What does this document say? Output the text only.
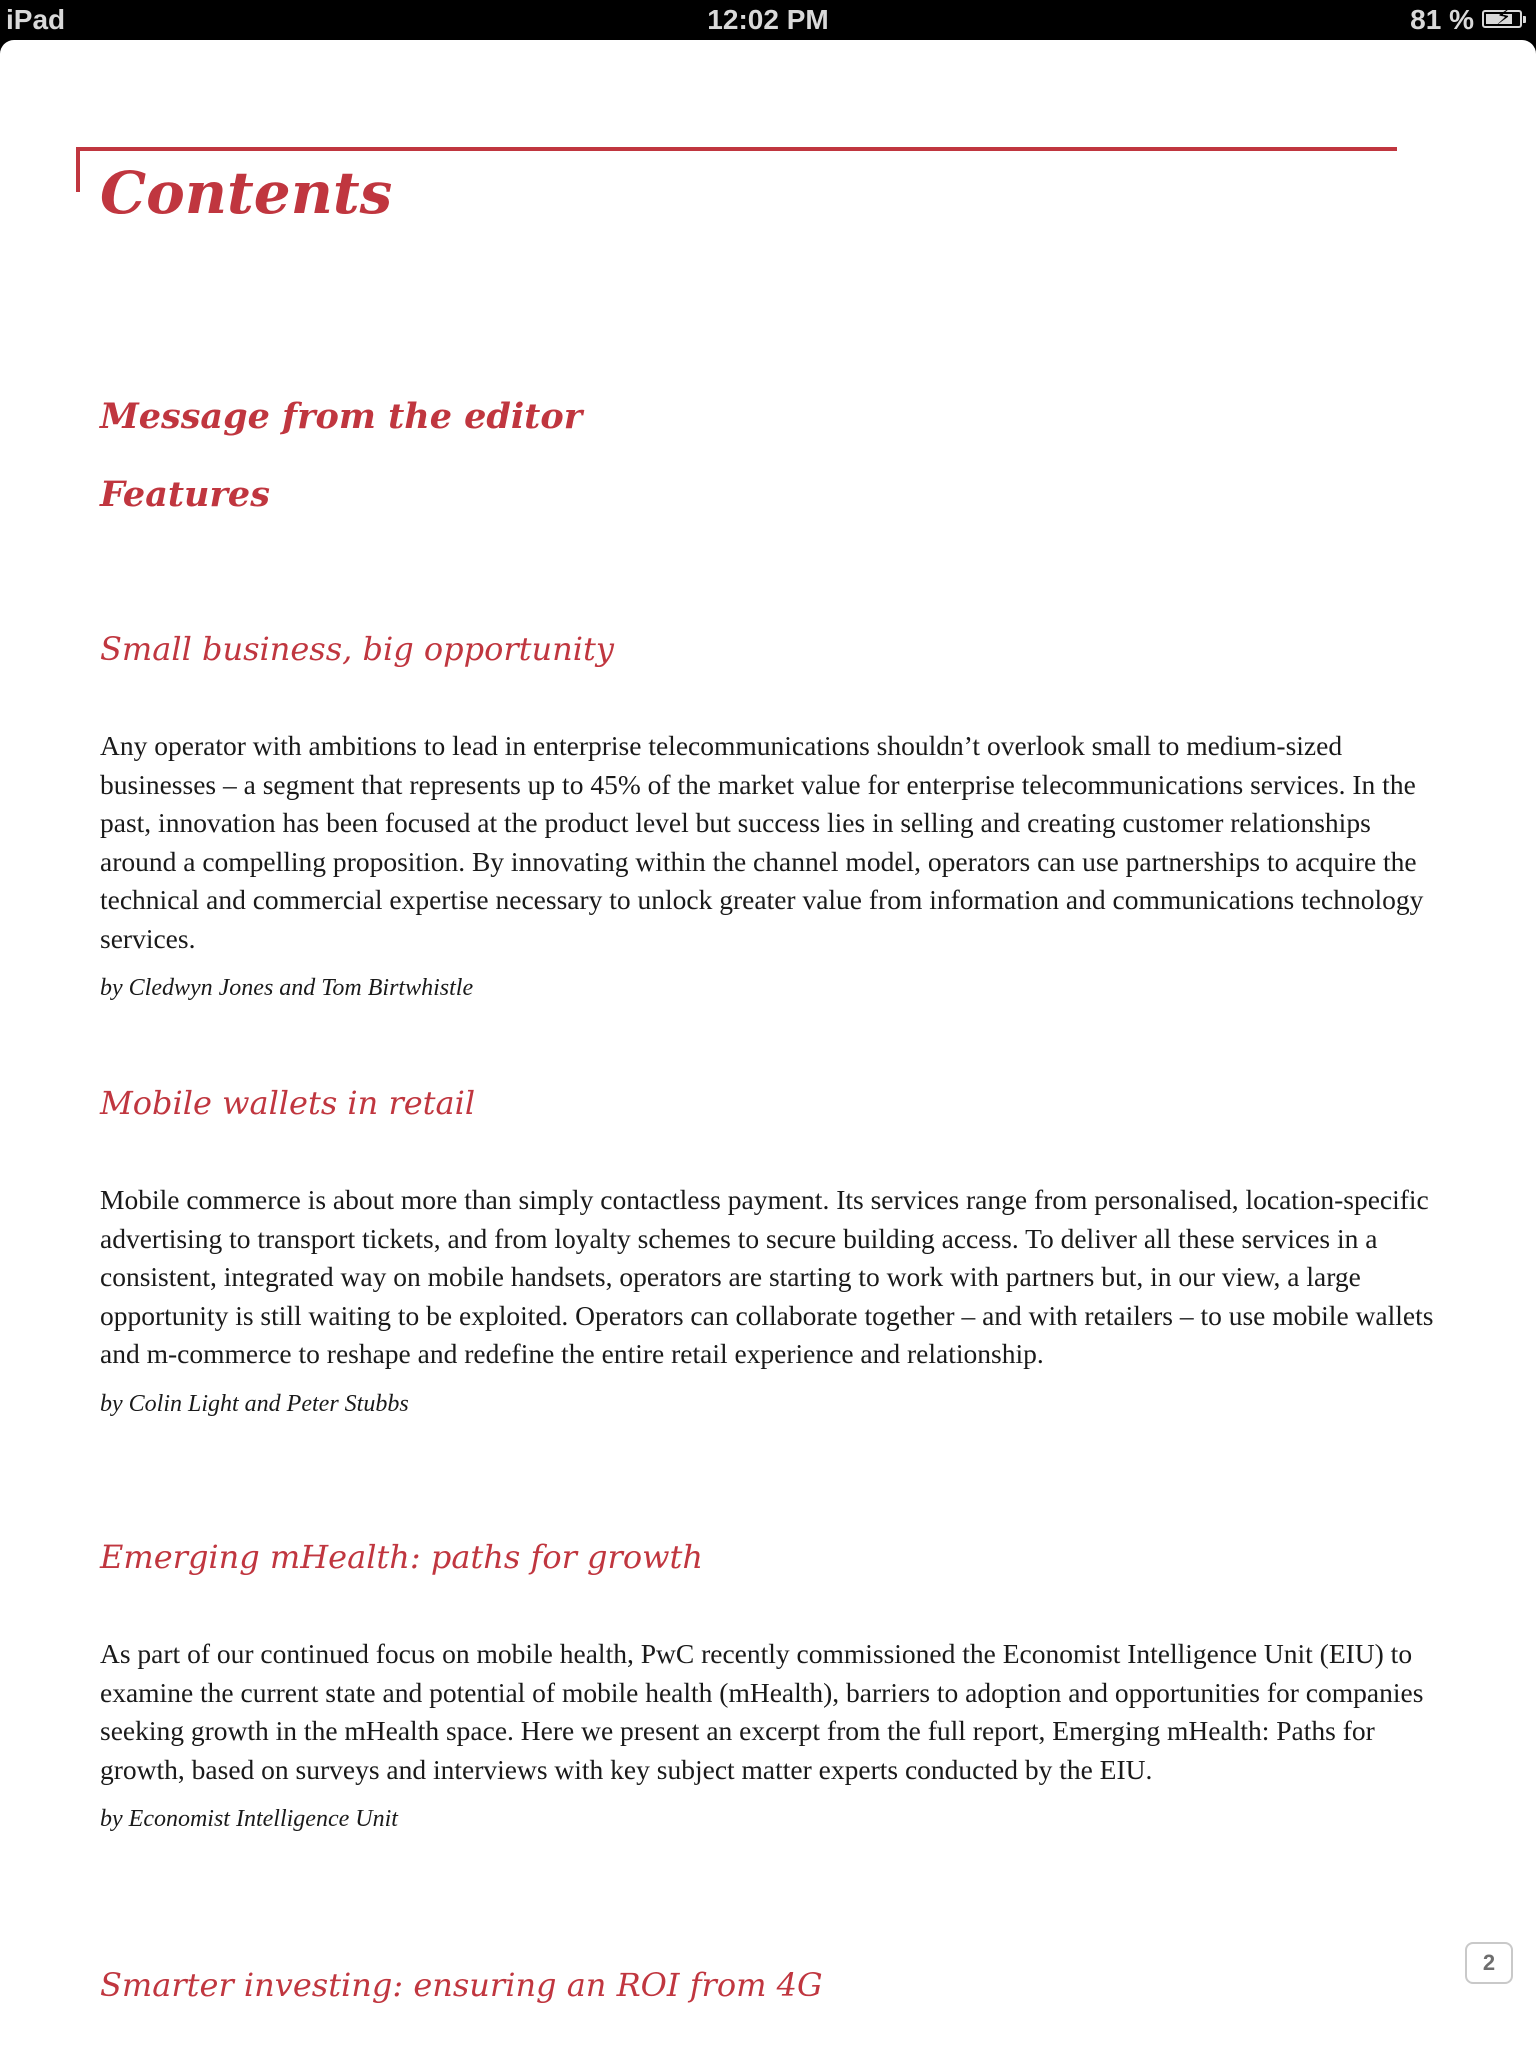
iPad	12:02 PM	81 % ⚡
Contents
Message from the editor
Features
Small business, big opportunity

Any operator with ambitions to lead in enterprise telecommunications shouldn’t overlook small to medium-sized businesses – a segment that represents up to 45% of the market value for enterprise telecommunications services. In the past, innovation has been focused at the product level but success lies in selling and creating customer relationships around a compelling proposition. By innovating within the channel model, operators can use partnerships to acquire the technical and commercial expertise necessary to unlock greater value from information and communications technology services.

by Cledwyn Jones and Tom Birtwhistle

Mobile wallets in retail

Mobile commerce is about more than simply contactless payment. Its services range from personalised, location-specific advertising to transport tickets, and from loyalty schemes to secure building access. To deliver all these services in a consistent, integrated way on mobile handsets, operators are starting to work with partners but, in our view, a large opportunity is still waiting to be exploited. Operators can collaborate together – and with retailers – to use mobile wallets and m-commerce to reshape and redefine the entire retail experience and relationship.

by Colin Light and Peter Stubbs

Emerging mHealth: paths for growth

As part of our continued focus on mobile health, PwC recently commissioned the Economist Intelligence Unit (EIU) to examine the current state and potential of mobile health (mHealth), barriers to adoption and opportunities for companies seeking growth in the mHealth space. Here we present an excerpt from the full report, Emerging mHealth: Paths for growth, based on surveys and interviews with key subject matter experts conducted by the EIU.

by Economist Intelligence Unit

Smarter investing: ensuring an ROI from 4G
2
